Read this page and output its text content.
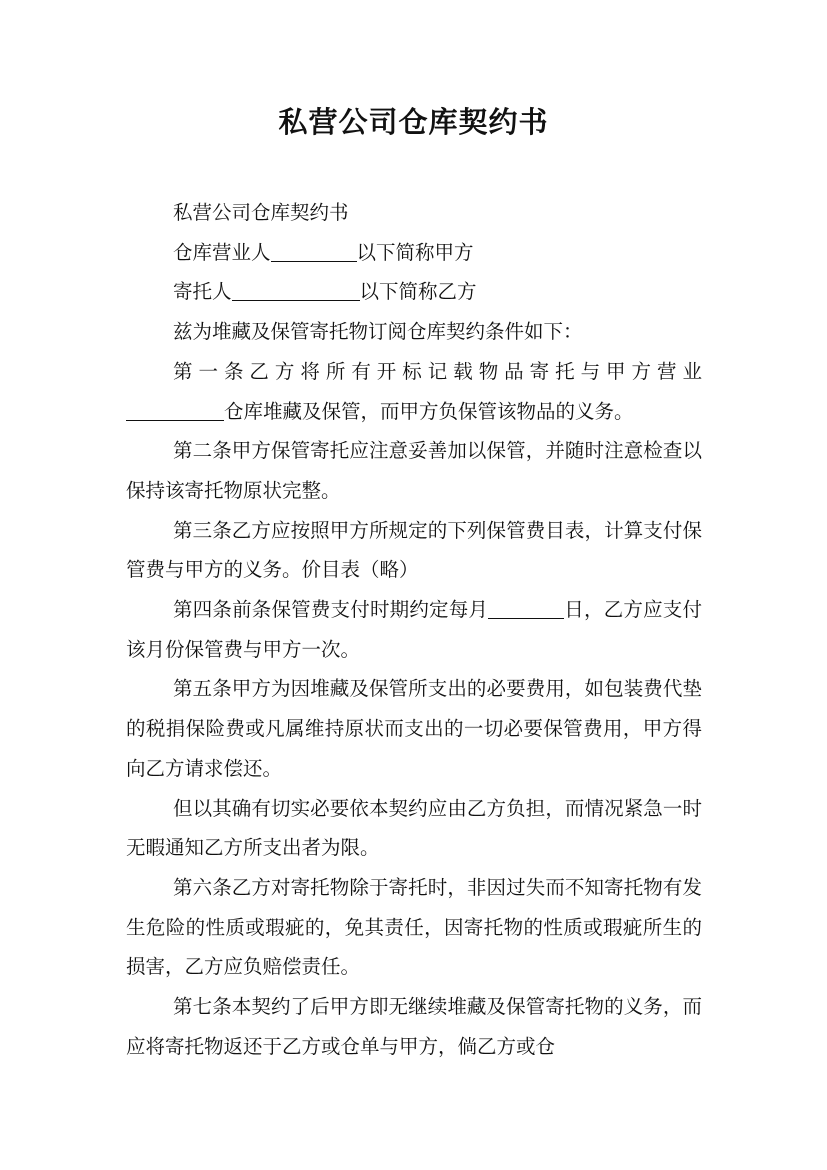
私营公司仓库契约书

私营公司仓库契约书

仓库营业人	以下简称甲方

寄托人	以下简称乙方

兹为堆藏及保管寄托物订阅仓库契约条件如下：

第一条乙方将所有开标记载物品寄托与甲方营业

仓库堆藏及保管，而甲方负保管该物品的义务。

第二条甲方保管寄托应注意妥善加以保管，并随时注意检查以保持该寄托物原状完整。

第三条乙方应按照甲方所规定的下列保管费目表，计算支付保管费与甲方的义务。价目表（略）

第四条前条保管费支付时期约定每月	日，乙方应支付该月份保管费与甲方一次。

第五条甲方为因堆藏及保管所支出的必要费用，如包装费代垫的税捐保险费或凡属维持原状而支出的一切必要保管费用，甲方得向乙方请求偿还。

但以其确有切实必要依本契约应由乙方负担，而情况紧急一时无暇通知乙方所支出者为限。

第六条乙方对寄托物除于寄托时，非因过失而不知寄托物有发生危险的性质或瑕疵的，免其责任，因寄托物的性质或瑕疵所生的损害，乙方应负赔偿责任。

第七条本契约了后甲方即无继续堆藏及保管寄托物的义务，而应将寄托物返还于乙方或仓单与甲方，倘乙方或仓
